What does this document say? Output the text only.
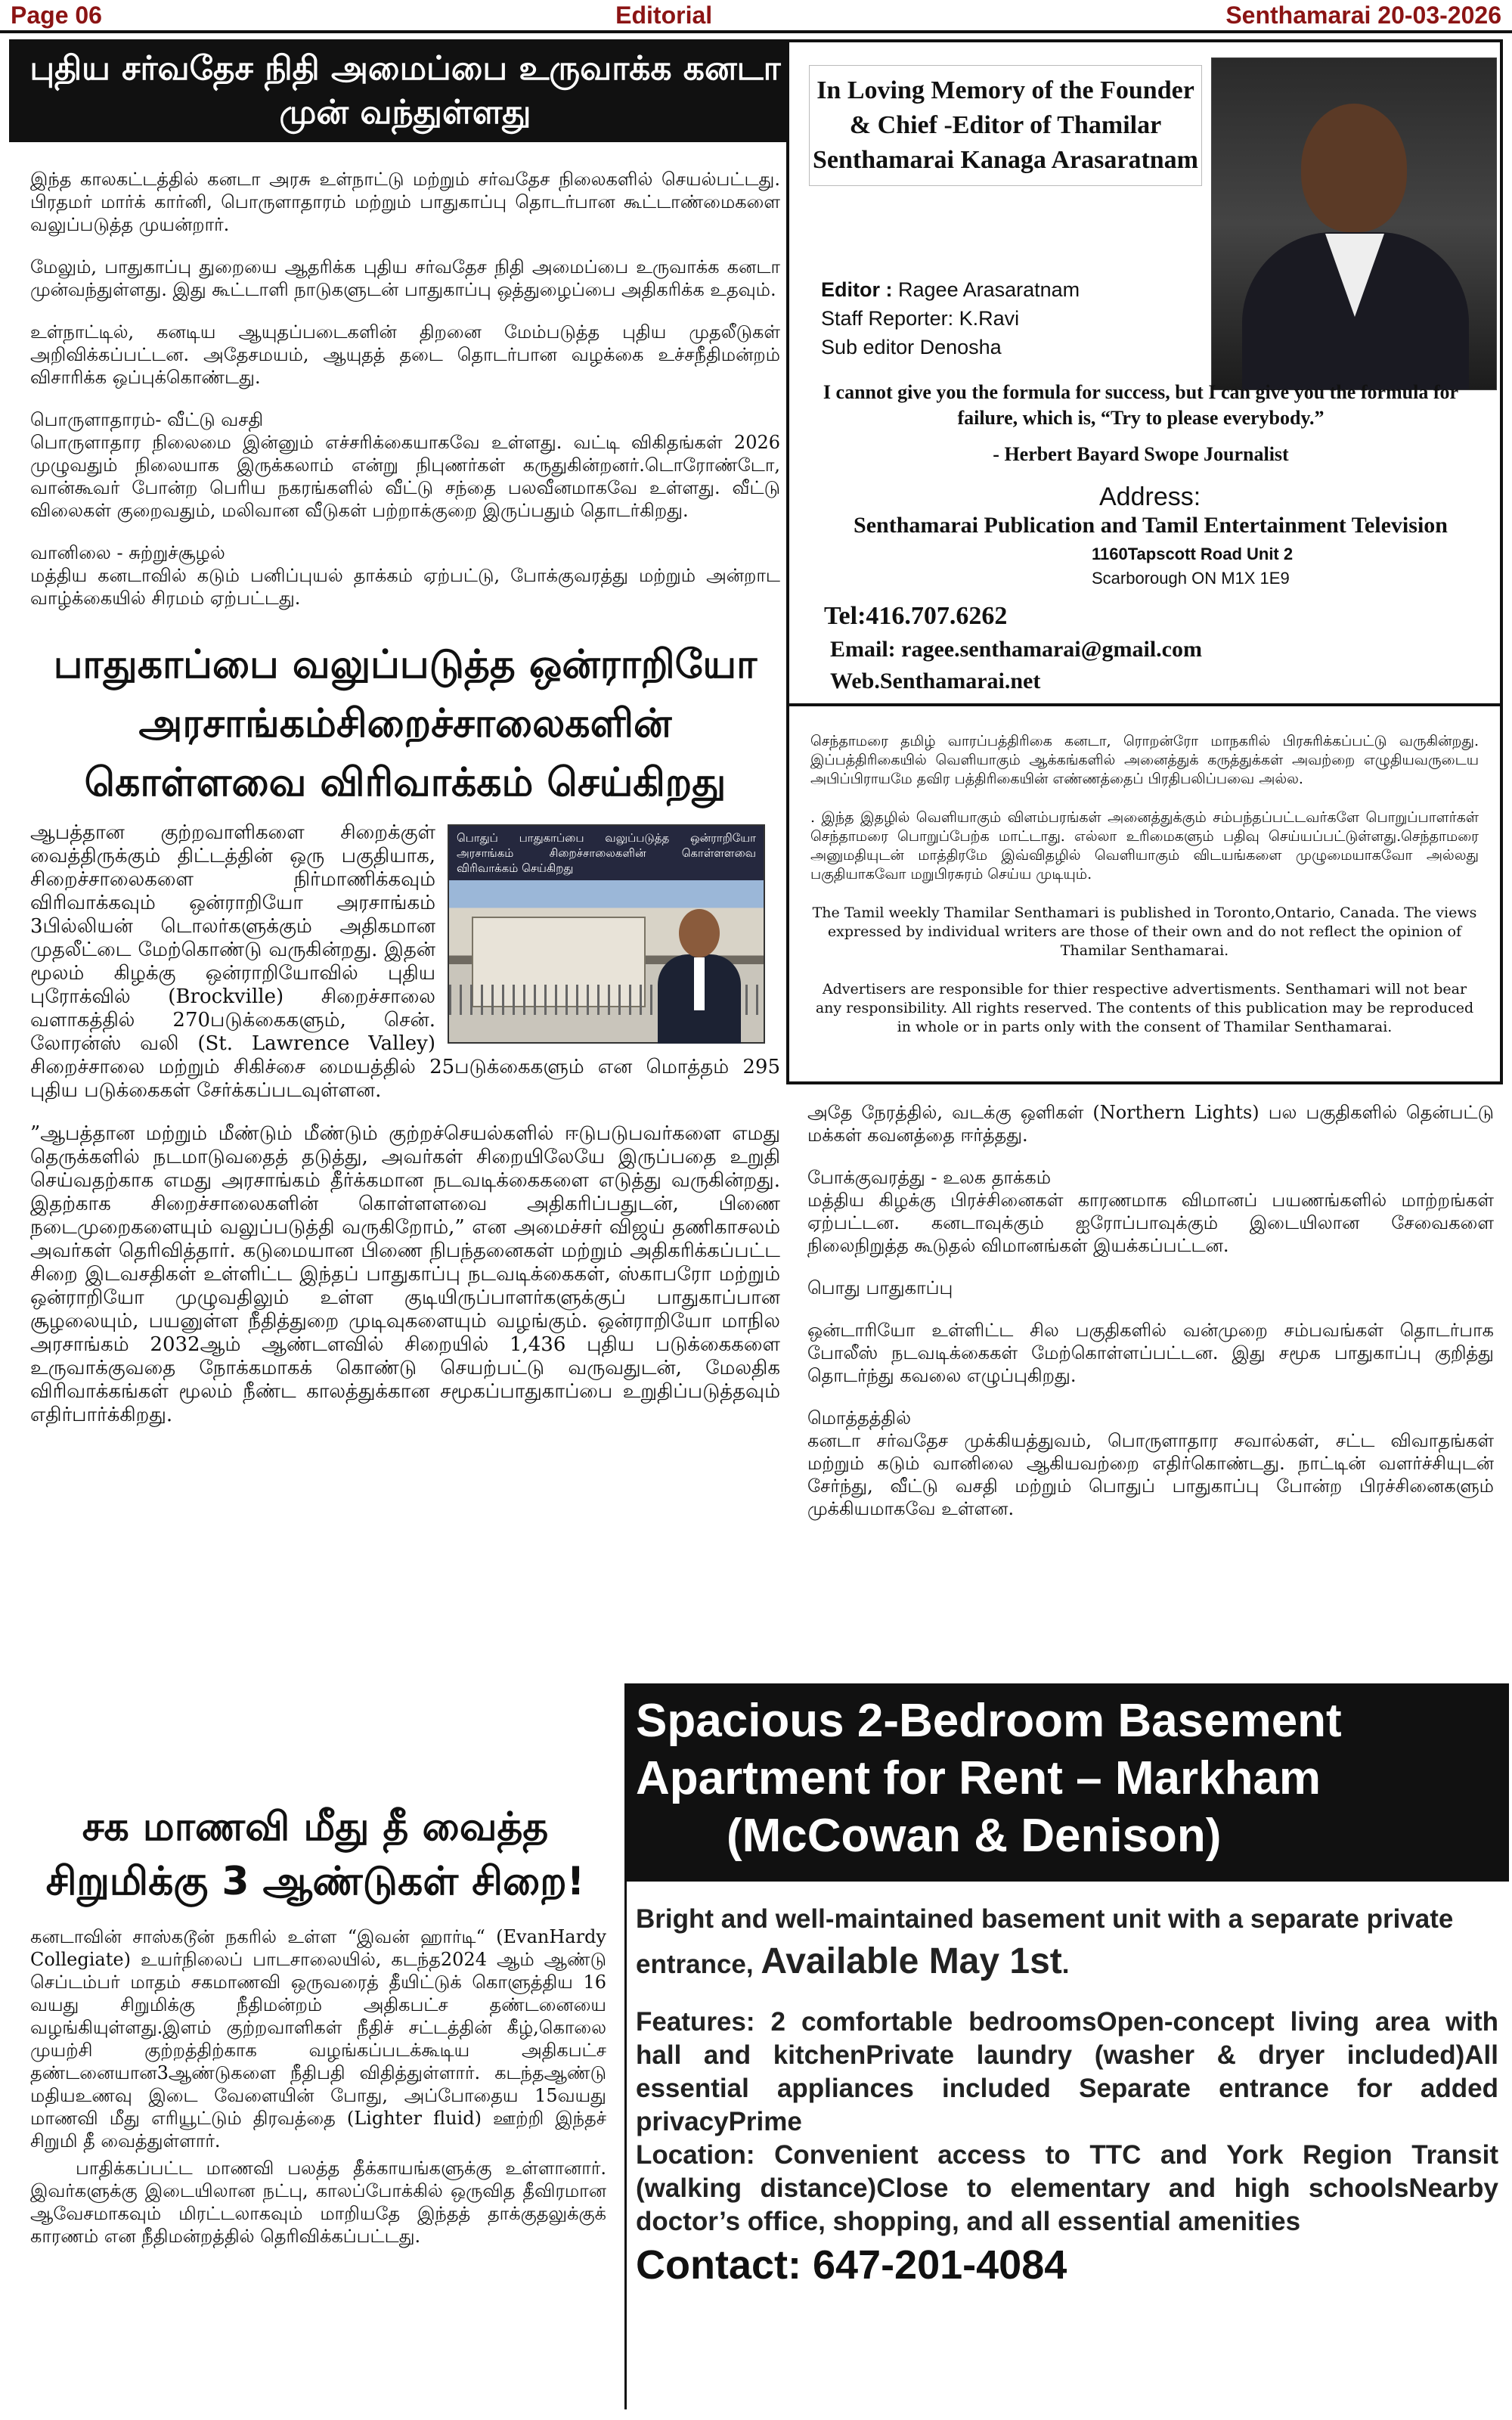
Page 06	Editorial	Senthamarai 20-03-2026
புதிய சர்வதேச நிதி அமைப்பை உருவாக்க கனடா முன் வந்துள்ளது

இந்த காலகட்டத்தில் கனடா அரசு உள்நாட்டு மற்றும் சர்வதேச நிலைகளில் செயல்பட்டது. பிரதமர் மார்க் கார்னி, பொருளாதாரம் மற்றும் பாதுகாப்பு தொடர்பான கூட்டாண்மைகளை வலுப்படுத்த முயன்றார்.

மேலும், பாதுகாப்பு துறையை ஆதரிக்க புதிய சர்வதேச நிதி அமைப்பை உருவாக்க கனடா முன்வந்துள்ளது. இது கூட்டாளி நாடுகளுடன் பாதுகாப்பு ஒத்துழைப்பை அதிகரிக்க உதவும்.

உள்நாட்டில், கனடிய ஆயுதப்படைகளின் திறனை மேம்படுத்த புதிய முதலீடுகள் அறிவிக்கப்பட்டன. அதேசமயம், ஆயுதத் தடை தொடர்பான வழக்கை உச்சநீதிமன்றம் விசாரிக்க ஒப்புக்கொண்டது.

பொருளாதாரம்- வீட்டு வசதி

பொருளாதார நிலைமை இன்னும் எச்சரிக்கையாகவே உள்ளது. வட்டி விகிதங்கள் 2026 முழுவதும் நிலையாக இருக்கலாம் என்று நிபுணர்கள் கருதுகின்றனர்.டொரோண்டோ, வான்கூவர் போன்ற பெரிய நகரங்களில் வீட்டு சந்தை பலவீனமாகவே உள்ளது. வீட்டு விலைகள் குறைவதும், மலிவான வீடுகள் பற்றாக்குறை இருப்பதும் தொடர்கிறது.

வானிலை - சுற்றுச்சூழல்

மத்திய கனடாவில் கடும் பனிப்புயல் தாக்கம் ஏற்பட்டு, போக்குவரத்து மற்றும் அன்றாட வாழ்க்கையில் சிரமம் ஏற்பட்டது.

பாதுகாப்பை வலுப்படுத்த ஒன்ராறியோ அரசாங்கம்சிறைச்சாலைகளின் கொள்ளவை விரிவாக்கம் செய்கிறது
பொதுப் பாதுகாப்பை வலுப்படுத்த ஒன்ராறியோ அரசாங்கம் சிறைச்சாலைகளின் கொள்ளளவை விரிவாக்கம் செய்கிறது

ஆபத்தான குற்றவாளிகளை சிறைக்குள் வைத்திருக்கும் திட்டத்தின் ஒரு பகுதியாக, சிறைச்சாலைகளை நிர்மாணிக்கவும் விரிவாக்கவும் ஒன்ராறியோ அரசாங்கம் 3பில்லியன் டொலர்களுக்கும் அதிகமான முதலீட்டை மேற்கொண்டு வருகின்றது. இதன் மூலம் கிழக்கு ஒன்ராறியோவில் புதிய புரோக்வில் (Brockville) சிறைச்சாலை வளாகத்தில் 270படுக்கைகளும், சென். லோரன்ஸ் வலி (St. Lawrence Valley) சிறைச்சாலை மற்றும் சிகிச்சை மையத்தில் 25படுக்கைகளும் என மொத்தம் 295 புதிய படுக்கைகள் சேர்க்கப்படவுள்ளன.

”ஆபத்தான மற்றும் மீண்டும் மீண்டும் குற்றச்செயல்களில் ஈடுபடுபவர்களை எமது தெருக்களில் நடமாடுவதைத் தடுத்து, அவர்கள் சிறையிலேயே இருப்பதை உறுதி செய்வதற்காக எமது அரசாங்கம் தீர்க்கமான நடவடிக்கைகளை எடுத்து வருகின்றது. இதற்காக சிறைச்சாலைகளின் கொள்ளளவை அதிகரிப்பதுடன், பிணை நடைமுறைகளையும் வலுப்படுத்தி வருகிறோம்,” என அமைச்சர் விஜய் தணிகாசலம் அவர்கள் தெரிவித்தார். கடுமையான பிணை நிபந்தனைகள் மற்றும் அதிகரிக்கப்பட்ட சிறை இடவசதிகள் உள்ளிட்ட இந்தப் பாதுகாப்பு நடவடிக்கைகள், ஸ்காபரோ மற்றும் ஒன்ராறியோ முழுவதிலும் உள்ள குடியிருப்பாளர்களுக்குப் பாதுகாப்பான சூழலையும், பயனுள்ள நீதித்துறை முடிவுகளையும் வழங்கும். ஒன்ராறியோ மாநில அரசாங்கம் 2032ஆம் ஆண்டளவில் சிறையில் 1,436 புதிய படுக்கைகளை உருவாக்குவதை நோக்கமாகக் கொண்டு செயற்பட்டு வருவதுடன், மேலதிக விரிவாக்கங்கள் மூலம் நீண்ட காலத்துக்கான சமூகப்பாதுகாப்பை உறுதிப்படுத்தவும் எதிர்பார்க்கிறது.

சக மாணவி மீது தீ வைத்த சிறுமிக்கு 3 ஆண்டுகள் சிறை!

கனடாவின் சாஸ்கடூன் நகரில் உள்ள “இவன் ஹார்டி“ (EvanHardy Collegiate) உயர்நிலைப் பாடசாலையில், கடந்த2024 ஆம் ஆண்டு செப்டம்பர் மாதம் சகமாணவி ஒருவரைத் தீயிட்டுக் கொளுத்திய 16 வயது சிறுமிக்கு நீதிமன்றம் அதிகபட்ச தண்டனையை வழங்கியுள்ளது.இளம் குற்றவாளிகள் நீதிச் சட்டத்தின் கீழ்,கொலை முயற்சி குற்றத்திற்காக வழங்கப்படக்கூடிய அதிகபட்ச தண்டனையான3ஆண்டுகளை நீதிபதி விதித்துள்ளார். கடந்தஆண்டு மதியஉணவு இடை வேளையின் போது, அப்போதைய 15வயது மாணவி மீது எரியூட்டும் திரவத்தை (Lighter fluid) ஊற்றி இந்தச் சிறுமி தீ வைத்துள்ளார்.

பாதிக்கப்பட்ட மாணவி பலத்த தீக்காயங்களுக்கு உள்ளானார். இவர்களுக்கு இடையிலான நட்பு, காலப்போக்கில் ஒருவித தீவிரமான ஆவேசமாகவும் மிரட்டலாகவும் மாறியதே இந்தத் தாக்குதலுக்குக் காரணம் என நீதிமன்றத்தில் தெரிவிக்கப்பட்டது.

In Loving Memory of the Founder & Chief -Editor of Thamilar Senthamarai Kanaga Arasaratnam
Editor : Ragee Arasaratnam
Staff Reporter: K.Ravi
Sub editor Denosha
I cannot give you the formula for success, but I can give you the formula for failure, which is, “Try to please everybody.”
- Herbert Bayard Swope Journalist
Address:
Senthamarai Publication and Tamil Entertainment Television
1160Tapscott Road Unit 2
Scarborough ON M1X 1E9
Tel:416.707.6262
Email: ragee.senthamarai@gmail.com
Web.Senthamarai.net

செந்தாமரை தமிழ் வாரப்பத்திரிகை கனடா, ரொறன்ரோ மாநகரில் பிரசுரிக்கப்பட்டு வருகின்றது. இப்பத்திரிகையில் வெளியாகும் ஆக்கங்களில் அனைத்துக் கருத்துக்கள் அவற்றை எழுதியவருடைய அபிப்பிராயமே தவிர பத்திரிகையின் எண்ணத்தைப் பிரதிபலிப்பவை அல்ல.

. இந்த இதழில் வெளியாகும் விளம்பரங்கள் அனைத்துக்கும் சம்பந்தப்பட்டவர்களே பொறுப்பாளர்கள் செந்தாமரை பொறுப்பேற்க மாட்டாது. எல்லா உரிமைகளும் பதிவு செய்யப்பட்டுள்ளது.செந்தாமரை அனுமதியுடன் மாத்திரமே இவ்விதழில் வெளியாகும் விடயங்களை முழுமையாகவோ அல்லது பகுதியாகவோ மறுபிரசுரம் செய்ய முடியும்.

The Tamil weekly Thamilar Senthamari is published in Toronto,Ontario, Canada. The views expressed by individual writers are those of their own and do not reflect the opinion of Thamilar Senthamarai.

Advertisers are responsible for thier respective advertisments. Senthamari will not bear any responsibility. All rights reserved. The contents of this publication may be reproduced in whole or in parts only with the consent of Thamilar Senthamarai.

அதே நேரத்தில், வடக்கு ஒளிகள் (Northern Lights) பல பகுதிகளில் தென்பட்டு மக்கள் கவனத்தை ஈர்த்தது.

போக்குவரத்து - உலக தாக்கம்

மத்திய கிழக்கு பிரச்சினைகள் காரணமாக விமானப் பயணங்களில் மாற்றங்கள் ஏற்பட்டன. கனடாவுக்கும் ஐரோப்பாவுக்கும் இடையிலான சேவைகளை நிலைநிறுத்த கூடுதல் விமானங்கள் இயக்கப்பட்டன.

பொது பாதுகாப்பு

ஒன்டாரியோ உள்ளிட்ட சில பகுதிகளில் வன்முறை சம்பவங்கள் தொடர்பாக போலீஸ் நடவடிக்கைகள் மேற்கொள்ளப்பட்டன. இது சமூக பாதுகாப்பு குறித்து தொடர்ந்து கவலை எழுப்புகிறது.

மொத்தத்தில்

கனடா சர்வதேச முக்கியத்துவம், பொருளாதார சவால்கள், சட்ட விவாதங்கள் மற்றும் கடும் வானிலை ஆகியவற்றை எதிர்கொண்டது. நாட்டின் வளர்ச்சியுடன் சேர்ந்து, வீட்டு வசதி மற்றும் பொதுப் பாதுகாப்பு போன்ற பிரச்சினைகளும் முக்கியமாகவே உள்ளன.

Spacious 2-Bedroom Basement
Apartment for Rent – Markham
(McCowan & Denison)

Bright and well-maintained basement unit with a separate private entrance, Available May 1st.

Features: 2 comfortable bedroomsOpen-concept living area with hall and kitchenPrivate laundry (washer & dryer included)All essential appliances included Separate entrance for added privacyPrime

Location: Convenient access to TTC and York Region Transit (walking distance)Close to elementary and high schoolsNearby doctor’s office, shopping, and all essential amenities

Contact: 647-201-4084
